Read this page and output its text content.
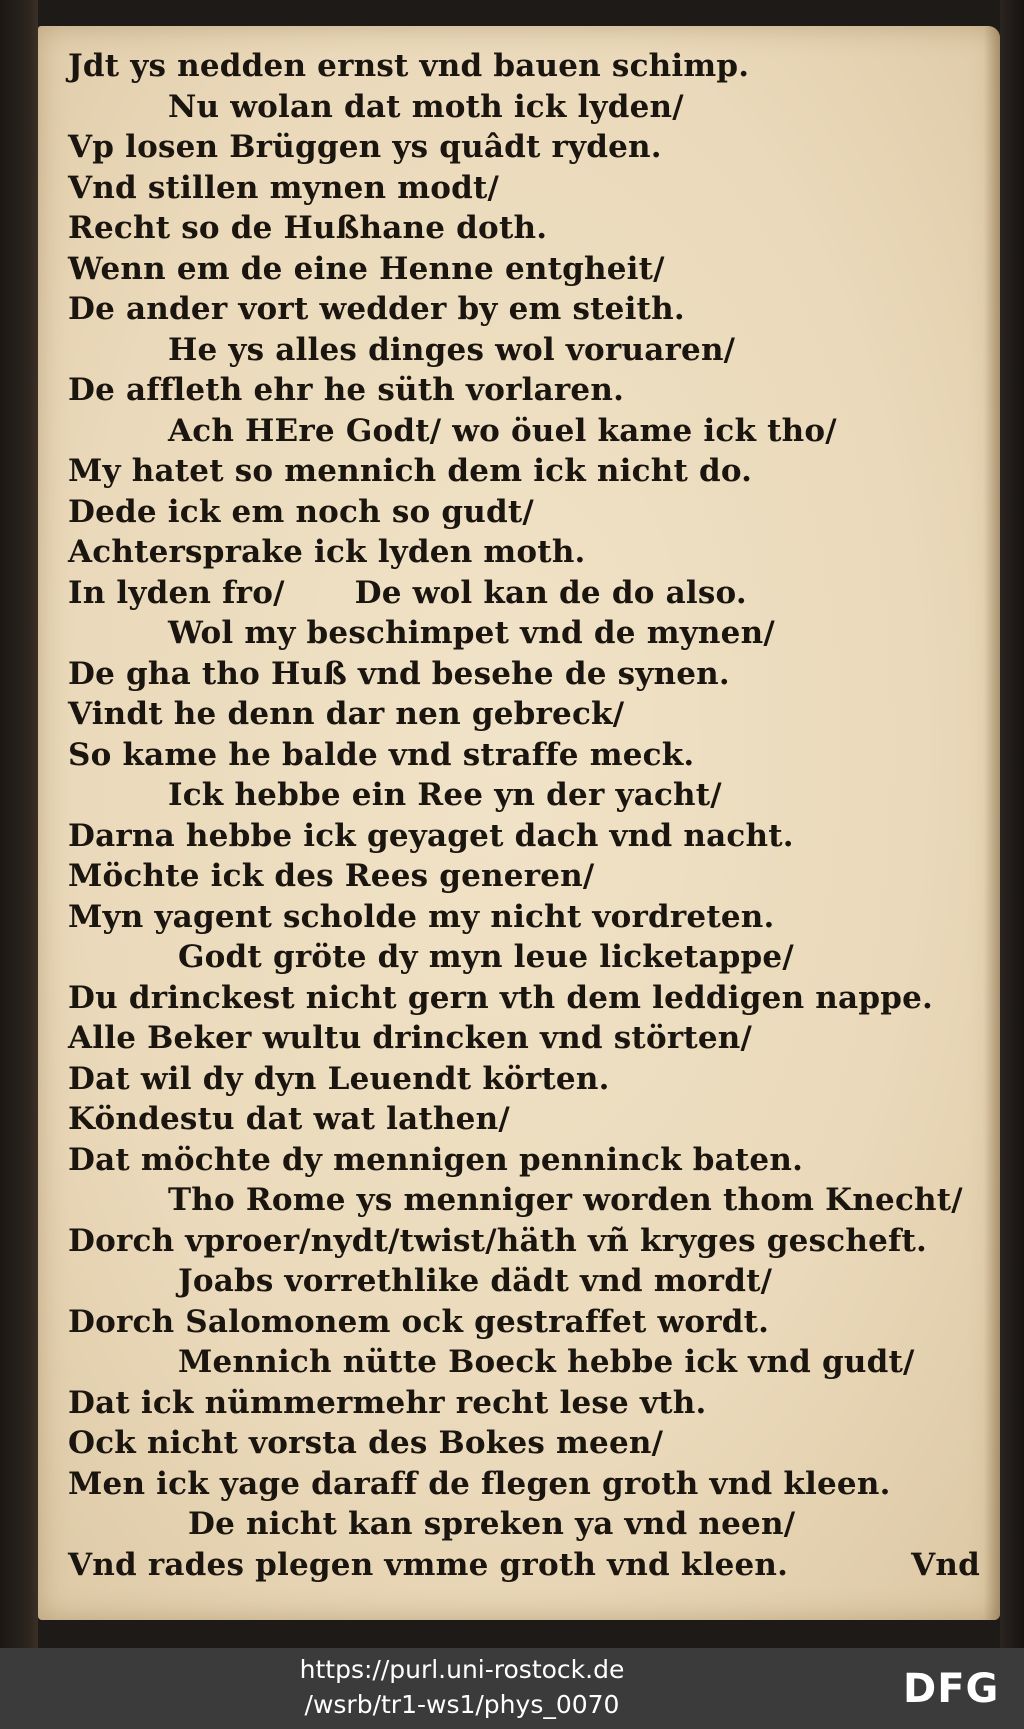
Jdt ys nedden ernst vnd bauen schimp.
Nu wolan dat moth ick lyden/
Vp losen Brüggen ys quâdt ryden.
Vnd stillen mynen modt/
Recht so de Hußhane doth.
Wenn em de eine Henne entgheit/
De ander vort wedder by em steith.
He ys alles dinges wol voruaren/
De affleth ehr he süth vorlaren.
Ach HEre Godt/ wo öuel kame ick tho/
My hatet so mennich dem ick nicht do.
Dede ick em noch so gudt/
Achtersprake ick lyden moth.
In lyden fro/ De wol kan de do also.
Wol my beschimpet vnd de mynen/
De gha tho Huß vnd besehe de synen.
Vindt he denn dar nen gebreck/
So kame he balde vnd straffe meck.
Ick hebbe ein Ree yn der yacht/
Darna hebbe ick geyaget dach vnd nacht.
Möchte ick des Rees generen/
Myn yagent scholde my nicht vordreten.
Godt gröte dy myn leue licketappe/
Du drinckest nicht gern vth dem leddigen nappe.
Alle Beker wultu drincken vnd störten/
Dat wil dy dyn Leuendt körten.
Köndestu dat wat lathen/
Dat möchte dy mennigen penninck baten.
Tho Rome ys menniger worden thom Knecht/
Dorch vproer/nydt/twist/häth vñ kryges gescheft.
Joabs vorrethlike dädt vnd mordt/
Dorch Salomonem ock gestraffet wordt.
Mennich nütte Boeck hebbe ick vnd gudt/
Dat ick nümmermehr recht lese vth.
Ock nicht vorsta des Bokes meen/
Men ick yage daraff de flegen groth vnd kleen.
De nicht kan spreken ya vnd neen/
Vnd rades plegen vmme groth vnd kleen.	Vnd
https://purl.uni-rostock.de
/wsrb/tr1-ws1/phys_0070	DFG
